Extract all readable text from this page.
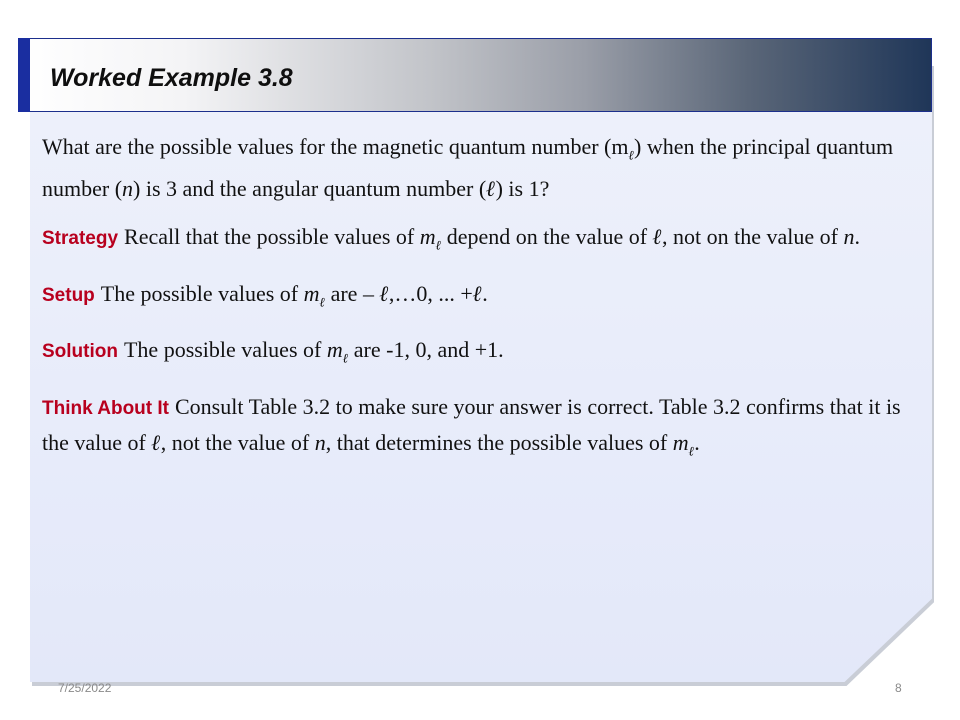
Worked Example 3.8

What are the possible values for the magnetic quantum number $(m_\ell)$ when the principal quantum number (n) is 3 and the angular quantum number (ℓ) is 1?

Strategy Recall that the possible values of $m_\ell$ depend on the value of ℓ, not on the value of n.

Setup The possible values of $m_\ell$ are – ℓ,…0, ... +ℓ.

Solution The possible values of $m_\ell$ are -1, 0, and +1.

Think About It Consult Table 3.2 to make sure your answer is correct. Table 3.2 confirms that it is the value of ℓ, not the value of n, that determines the possible values of $m_\ell$.

7/25/2022	8
